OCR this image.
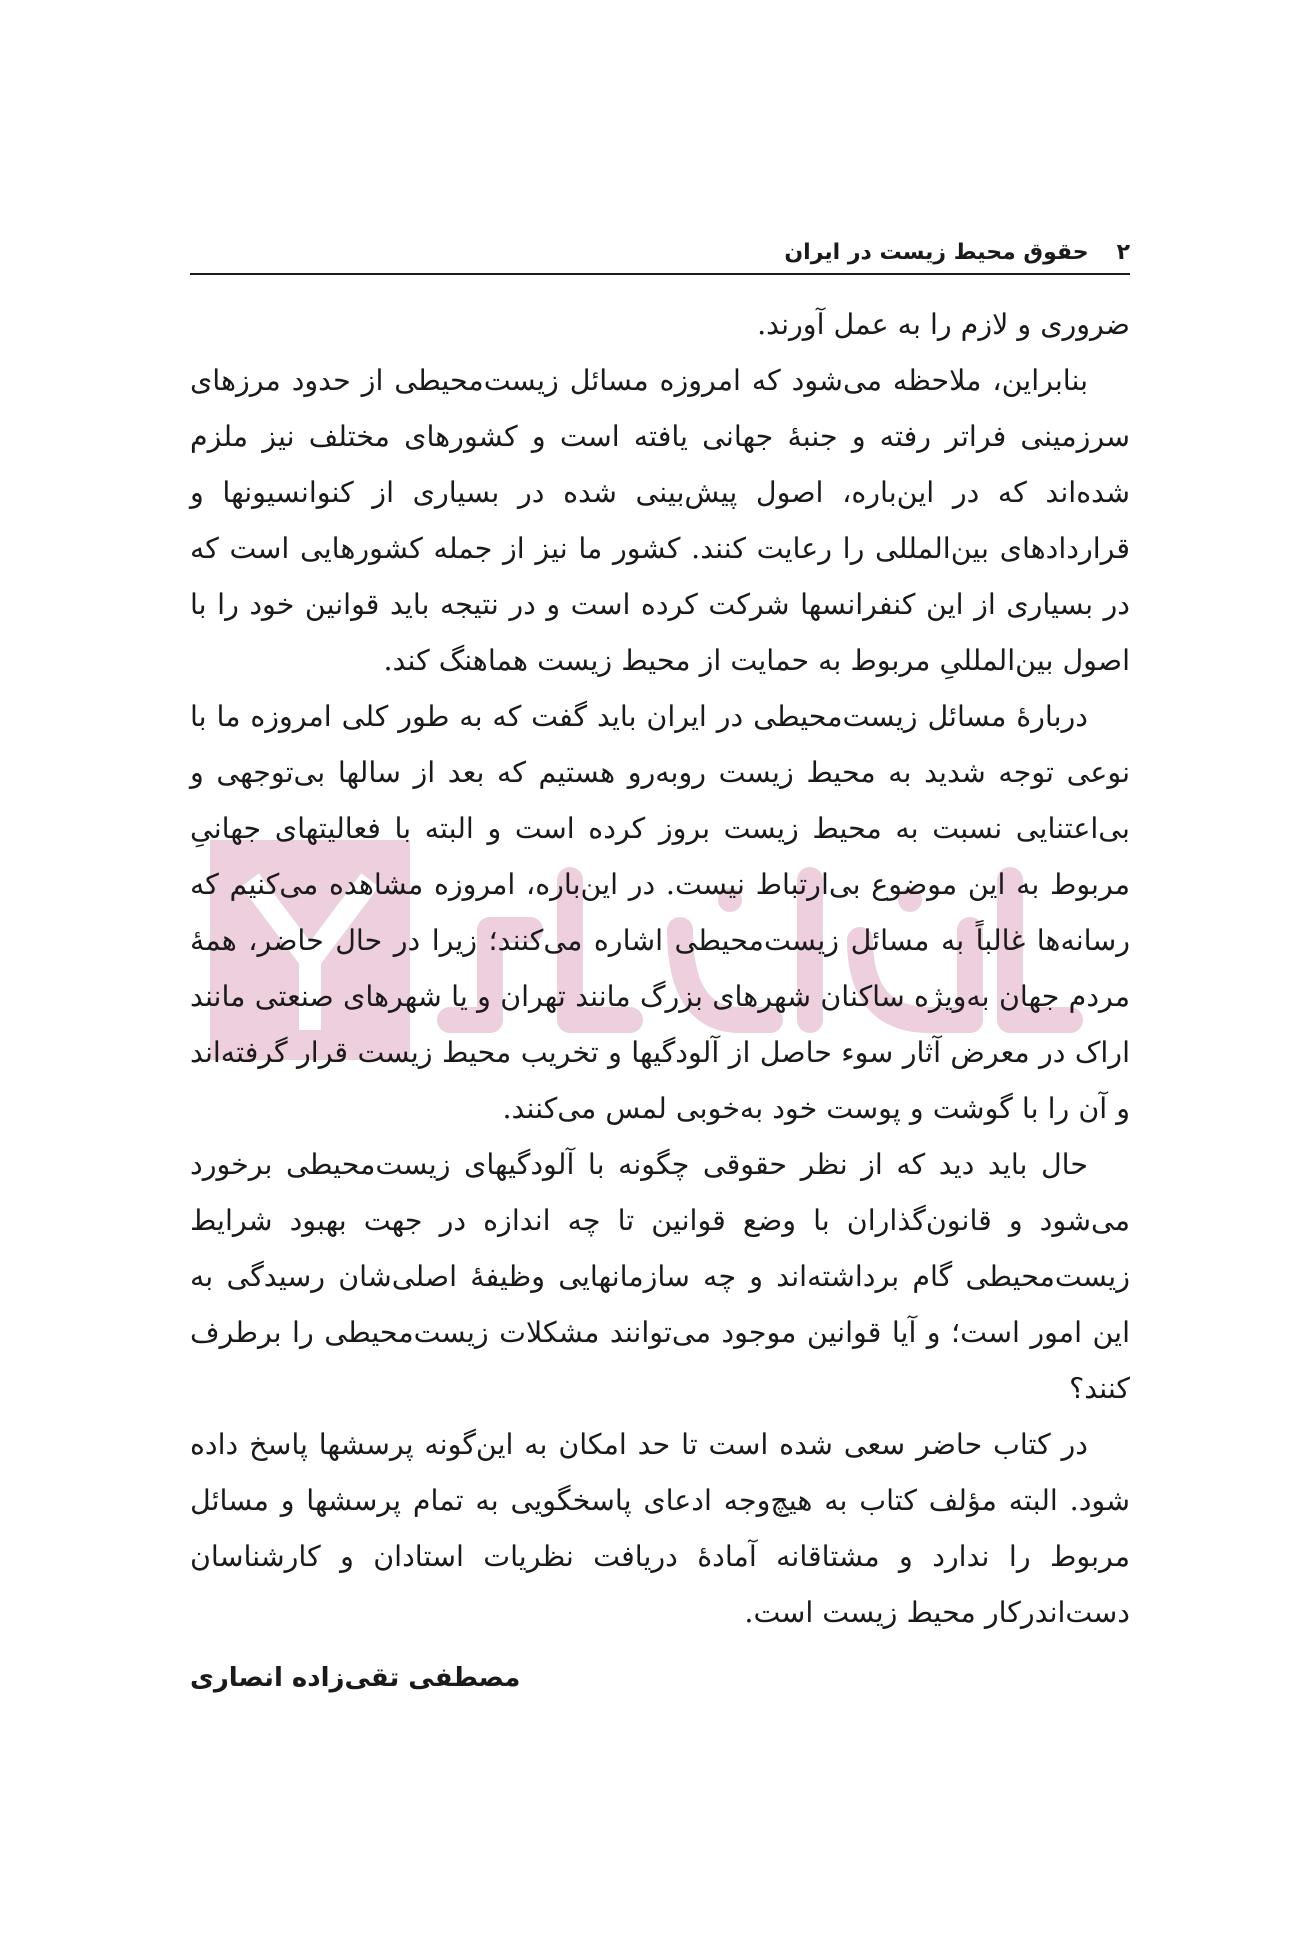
۲
حقوق محیط زیست در ایران

ضروری و لازم را به عمل آورند.

بنابراین، ملاحظه می‌شود که امروزه مسائل زیست‌محیطی از حدود مرزهای سرزمینی فراتر رفته و جنبهٔ جهانی یافته است و کشورهای مختلف نیز ملزم شده‌اند که در این‌باره، اصول پیش‌بینی شده در بسیاری از کنوانسیونها و قراردادهای بین‌المللی را رعایت کنند. کشور ما نیز از جمله کشورهایی است که در بسیاری از این کنفرانسها شرکت کرده است و در نتیجه باید قوانین خود را با اصول بین‌المللیِ مربوط به حمایت از محیط زیست هماهنگ کند.

دربارهٔ مسائل زیست‌محیطی در ایران باید گفت که به طور کلی امروزه ما با نوعی توجه شدید به محیط زیست روبه‌رو هستیم که بعد از سالها بی‌توجهی و بی‌اعتنایی نسبت به محیط زیست بروز کرده است و البته با فعالیتهای جهانیِ مربوط به این موضوع بی‌ارتباط نیست. در این‌باره، امروزه مشاهده می‌کنیم که رسانه‌ها غالباً به مسائل زیست‌محیطی اشاره می‌کنند؛ زیرا در حال حاضر، همهٔ مردم جهان به‌ویژه ساکنان شهرهای بزرگ مانند تهران و یا شهرهای صنعتی مانند اراک در معرض آثار سوء حاصل از آلودگیها و تخریب محیط زیست قرار گرفته‌اند و آن را با گوشت و پوست خود به‌خوبی لمس می‌کنند.

حال باید دید که از نظر حقوقی چگونه با آلودگیهای زیست‌محیطی برخورد می‌شود و قانون‌گذاران با وضع قوانین تا چه اندازه در جهت بهبود شرایط زیست‌محیطی گام برداشته‌اند و چه سازمانهایی وظیفهٔ اصلی‌شان رسیدگی به این امور است؛ و آیا قوانین موجود می‌توانند مشکلات زیست‌محیطی را برطرف کنند؟

در کتاب حاضر سعی شده است تا حد امکان به این‌گونه پرسشها پاسخ داده شود. البته مؤلف کتاب به هیچ‌وجه ادعای پاسخگویی به تمام پرسشها و مسائل مربوط را ندارد و مشتاقانه آمادهٔ دریافت نظریات استادان و کارشناسان دست‌اندرکار محیط زیست است.

مصطفی تقی‌زاده انصاری
